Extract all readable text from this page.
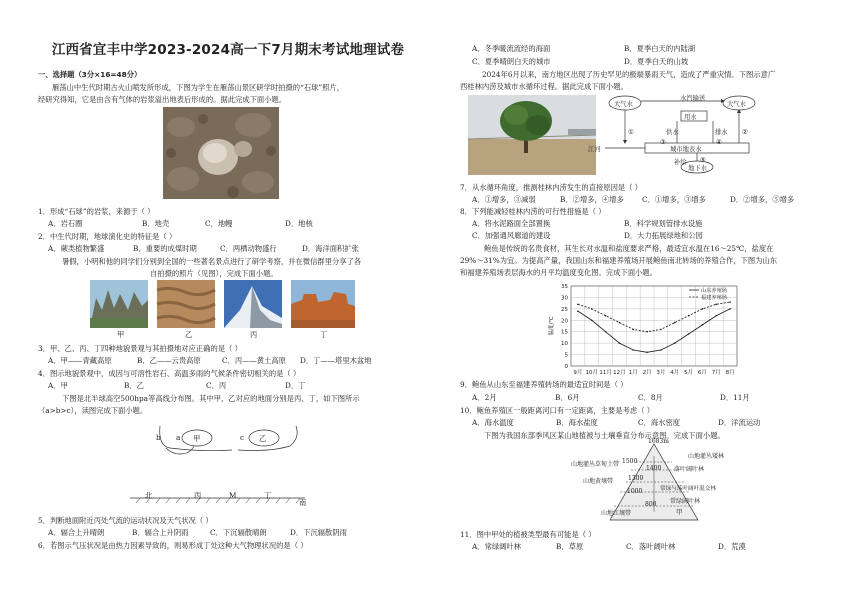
江西省宜丰中学2023-2024高一下7月期末考试地理试卷
一、选择题（3分×16=48分）
雁荡山中生代时期古火山喷发所形成，下图为学生在雁荡山景区研学时拍摄的“石球”照片，
经研究得知，它是由含有气体的岩浆溢出地表后形成的。据此完成下面小题。
1．形成“石球”的岩浆，来源于（ ）
A．岩石圈	B．地壳	C．地幔	D．地核
2．中生代时期，地球演化史的特征是（ ）
A．蕨类植物繁盛	B．重要的成煤时期	C．两栖动物盛行	D．海洋面积扩张
暑假，小明和他的同学们分别到全国的一些著名景点进行了研学考察，并在微信群里分享了各
自拍摄的照片（见图），完成下面小题。
甲	乙	丙	丁
3．甲、乙、丙、丁四种地貌景观与其拍摄地对应正确的是（ ）
A．甲——青藏高原	B．乙——云贵高原	C．丙——黄土高原 D．丁——塔里木盆地
4．图示地貌景观中，成因与可溶性岩石、高温多雨的气候条件密切相关的是（ ）
A．甲	B．乙	C．丙	D．丁
下图是北半球高空500hpa等高线分布图。其中甲、乙对应的地面分别是丙、丁，如下图所示
（a>b>c），读图完成下面小题。
b a 甲	c 乙
北	丙	M	丁
南
5．判断地面附近丙处气流的运动状况及天气状况（ ）
A．辐合上升晴朗	B．辐合上升阴雨	C．下沉辐散晴朗	D．下沉辐散阴雨
6．若图示气压状况是由热力因素导致的，则易形成丁处这种大气物理状况的是（ ）
A．冬季暖流流经的海面	B．夏季白天的内陆湖
C．夏季晴朗白天的城市	D．夏季白天的山坡
2024年6月以来，南方地区出现了历史罕见的极端暴雨天气，造成了严重灾情。下图示意广
西桂林内涝及城市水循环过程。据此完成下面小题。
大气水	大气水
水汽输送
用水
供水	排水
城市地表水
江河
补给
地下水
①	②
③	④
⑤
7．从水循环角度，推测桂林内涝发生的直接原因是（ ）
A．①增多，③减弱	B．②增多，④增多	C．①增多，③增多	D．②增多，⑤增多
8．下列能减轻桂林内涝的可行性措施是（ ）
A．将水泥路面全部置换	B．科学规划管排水设施
C．加强通风廊道的建设	D．大力拓展绿地和公园
鲍鱼是传统的名贵食材，其生长对水温和盐度要求严格，最适宜水温在16～25℃，盐度在
29%～31%为宜。为提高产量，我国山东和福建养殖场开展鲍鱼南北转场的养殖合作，下图为山东
和福建养殖场表层海水的月平均温度变化图。完成下面小题。
0
5
10
15
20
25
30
35
9月 10月 11月 12月 1月 2月 3月 4月 5月 6月 7月 8月
温度/℃
山东养殖场
福建养殖场
9．鲍鱼从山东至福建养殖转场的最适宜时间是（ ）
A．2月	B．6月	C．8月	D．11月
10．鲍鱼养殖区一般距离河口有一定距离，主要是考虑（ ）
A．海水温度	B．海水盐度	C．海水密度	D．洋流运动
下图为我国东部季风区某山地植被与土壤垂直分布示意图。完成下面小题。
1683m
1500
1400
1300
1000
800
山地灌丛草甸土带
山地黄壤带
山地红壤带
山地灌丛矮林
落叶阔叶林
常绿与落叶阔叶混交林
常绿阔叶林
甲
11．图中甲处的植被类型最有可能是（ ）
A．常绿阔叶林	B．草原	C．落叶阔叶林	D．荒漠
